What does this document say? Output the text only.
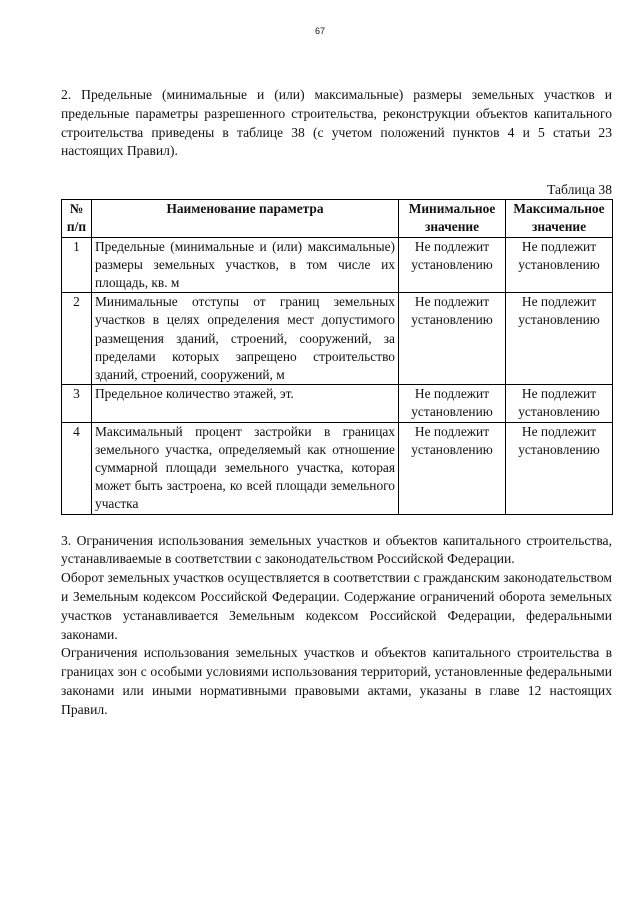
67

2. Предельные (минимальные и (или) максимальные) размеры земельных участков и предельные параметры разрешенного строительства, реконструкции объектов капитального строительства приведены в таблице 38 (с учетом положений пунктов 4 и 5 статьи 23 настоящих Правил).

Таблица 38
№ п/п	Наименование параметра	Минимальное значение	Максимальное значение
1	Предельные (минимальные и (или) максимальные) размеры земельных участков, в том числе их площадь, кв. м	Не подлежит установлению	Не подлежит установлению
2	Минимальные отступы от границ земельных участков в целях определения мест допустимого размещения зданий, строений, сооружений, за пределами которых запрещено строительство зданий, строений, сооружений, м	Не подлежит установлению	Не подлежит установлению
3	Предельное количество этажей, эт.	Не подлежит установлению	Не подлежит установлению
4	Максимальный процент застройки в границах земельного участка, определяемый как отношение суммарной площади земельного участка, которая может быть застроена, ко всей площади земельного участка	Не подлежит установлению	Не подлежит установлению

3. Ограничения использования земельных участков и объектов капитального строительства, устанавливаемые в соответствии с законодательством Российской Федерации.

Оборот земельных участков осуществляется в соответствии с гражданским законодательством и Земельным кодексом Российской Федерации. Содержание ограничений оборота земельных участков устанавливается Земельным кодексом Российской Федерации, федеральными законами.

Ограничения использования земельных участков и объектов капитального строительства в границах зон с особыми условиями использования территорий, установленные федеральными законами или иными нормативными правовыми актами, указаны в главе 12 настоящих Правил.
